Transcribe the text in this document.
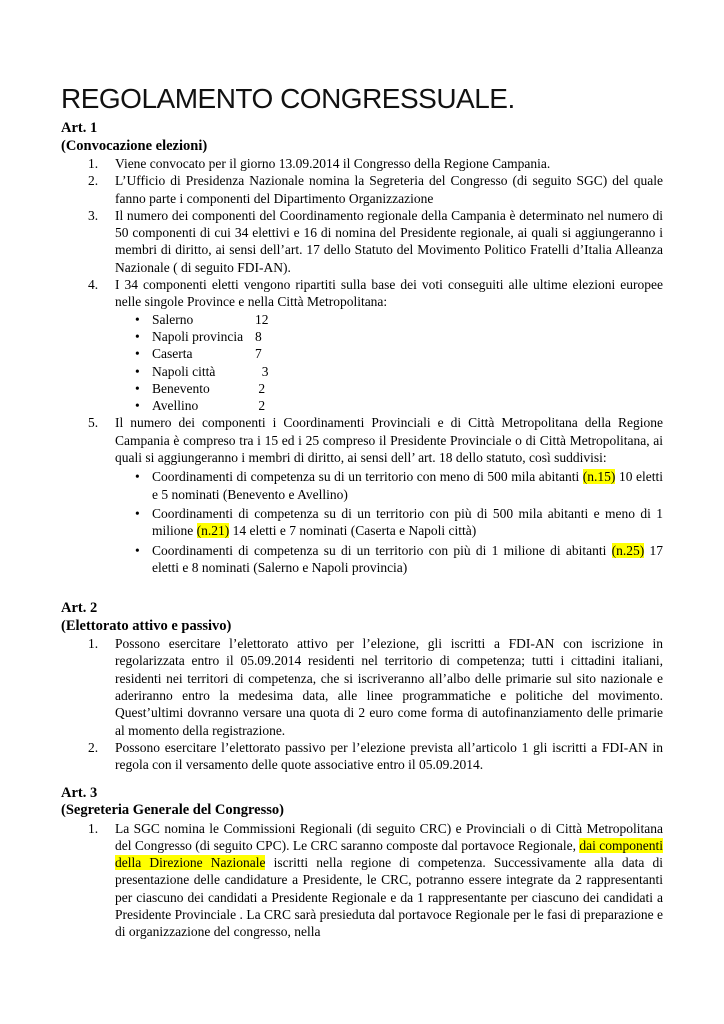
REGOLAMENTO CONGRESSUALE.
Art. 1
(Convocazione elezioni)
1. Viene convocato per il giorno 13.09.2014 il Congresso della Regione Campania.
2. L’Ufficio di Presidenza Nazionale nomina la Segreteria del Congresso (di seguito SGC) del quale fanno parte i componenti del Dipartimento Organizzazione
3. Il numero dei componenti del Coordinamento regionale della Campania è determinato nel numero di 50 componenti di cui 34 elettivi e 16 di nomina del Presidente regionale, ai quali si aggiungeranno i membri di diritto, ai sensi dell’art. 17 dello Statuto del Movimento Politico Fratelli d’Italia Alleanza Nazionale ( di seguito FDI-AN).
4. I 34 componenti eletti vengono ripartiti sulla base dei voti conseguiti alle ultime elezioni europee nelle singole Province e nella Città Metropolitana:
• Salerno	12
• Napoli provincia 8
• Caserta	7
• Napoli città	3
• Benevento	2
• Avellino	2
5. Il numero dei componenti i Coordinamenti Provinciali e di Città Metropolitana della Regione Campania è compreso tra i 15 ed i 25 compreso il Presidente Provinciale o di Città Metropolitana, ai quali si aggiungeranno i membri di diritto, ai sensi dell’ art. 18 dello statuto, così suddivisi:
• Coordinamenti di competenza su di un territorio con meno di 500 mila abitanti (n.15) 10 eletti e 5 nominati (Benevento e Avellino)
• Coordinamenti di competenza su di un territorio con più di 500 mila abitanti e meno di 1 milione (n.21) 14 eletti e 7 nominati (Caserta e Napoli città)
• Coordinamenti di competenza su di un territorio con più di 1 milione di abitanti (n.25) 17 eletti e 8 nominati (Salerno e Napoli provincia)
Art. 2
(Elettorato attivo e passivo)
1. Possono esercitare l’elettorato attivo per l’elezione, gli iscritti a FDI-AN con iscrizione in regolarizzata entro il 05.09.2014 residenti nel territorio di competenza; tutti i cittadini italiani, residenti nei territori di competenza, che si iscriveranno all’albo delle primarie sul sito nazionale e aderiranno entro la medesima data, alle linee programmatiche e politiche del movimento. Quest’ultimi dovranno versare una quota di 2 euro come forma di autofinanziamento delle primarie al momento della registrazione.
2. Possono esercitare l’elettorato passivo per l’elezione prevista all’articolo 1 gli iscritti a FDI-AN in regola con il versamento delle quote associative entro il 05.09.2014.
Art. 3
(Segreteria Generale del Congresso)
1. La SGC nomina le Commissioni Regionali (di seguito CRC) e Provinciali o di Città Metropolitana del Congresso (di seguito CPC). Le CRC saranno composte dal portavoce Regionale, dai componenti della Direzione Nazionale iscritti nella regione di competenza. Successivamente alla data di presentazione delle candidature a Presidente, le CRC, potranno essere integrate da 2 rappresentanti per ciascuno dei candidati a Presidente Regionale e da 1 rappresentante per ciascuno dei candidati a Presidente Provinciale . La CRC sarà presieduta dal portavoce Regionale per le fasi di preparazione e di organizzazione del congresso, nella
